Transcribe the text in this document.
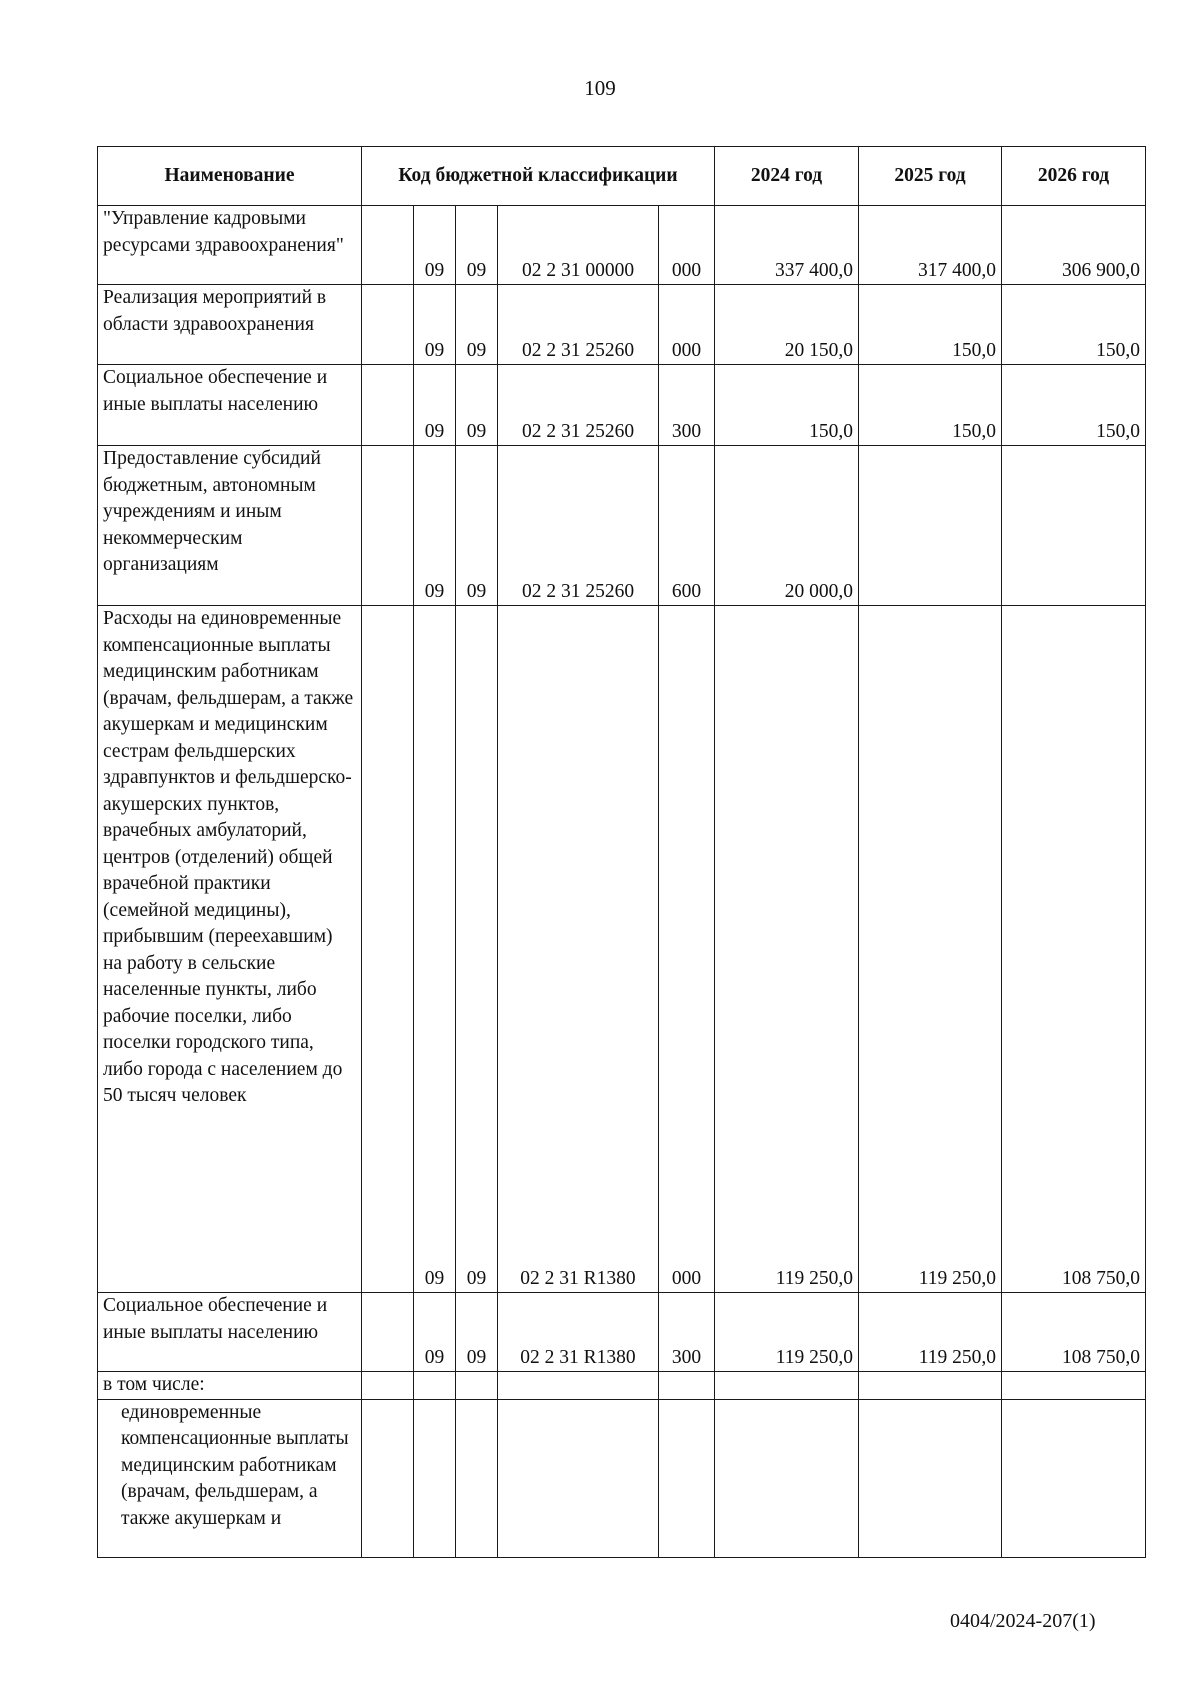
109
Наименование	Код бюджетной классификации					2024 год	2025 год	2026 год
"Управление кадровыми ресурсами здравоохранения"		09	09	02 2 31 00000	000	337 400,0	317 400,0	306 900,0
Реализация мероприятий в области здравоохранения		09	09	02 2 31 25260	000	20 150,0	150,0	150,0
Социальное обеспечение и иные выплаты населению		09	09	02 2 31 25260	300	150,0	150,0	150,0
Предоставление субсидий бюджетным, автономным учреждениям и иным некоммерческим организациям		09	09	02 2 31 25260	600	20 000,0		
Расходы на единовременные компенсационные выплаты медицинским работникам (врачам, фельдшерам, а также акушеркам и медицинским сестрам фельдшерских здравпунктов и фельдшерско-акушерских пунктов, врачебных амбулаторий, центров (отделений) общей врачебной практики (семейной медицины), прибывшим (переехавшим) на работу в сельские населенные пункты, либо рабочие поселки, либо поселки городского типа, либо города с населением до 50 тысяч человек		09	09	02 2 31 R1380	000	119 250,0	119 250,0	108 750,0
Социальное обеспечение и иные выплаты населению		09	09	02 2 31 R1380	300	119 250,0	119 250,0	108 750,0
в том числе:								
единовременные компенсационные выплаты медицинским работникам (врачам, фельдшерам, а также акушеркам и								
0404/2024-207(1)
